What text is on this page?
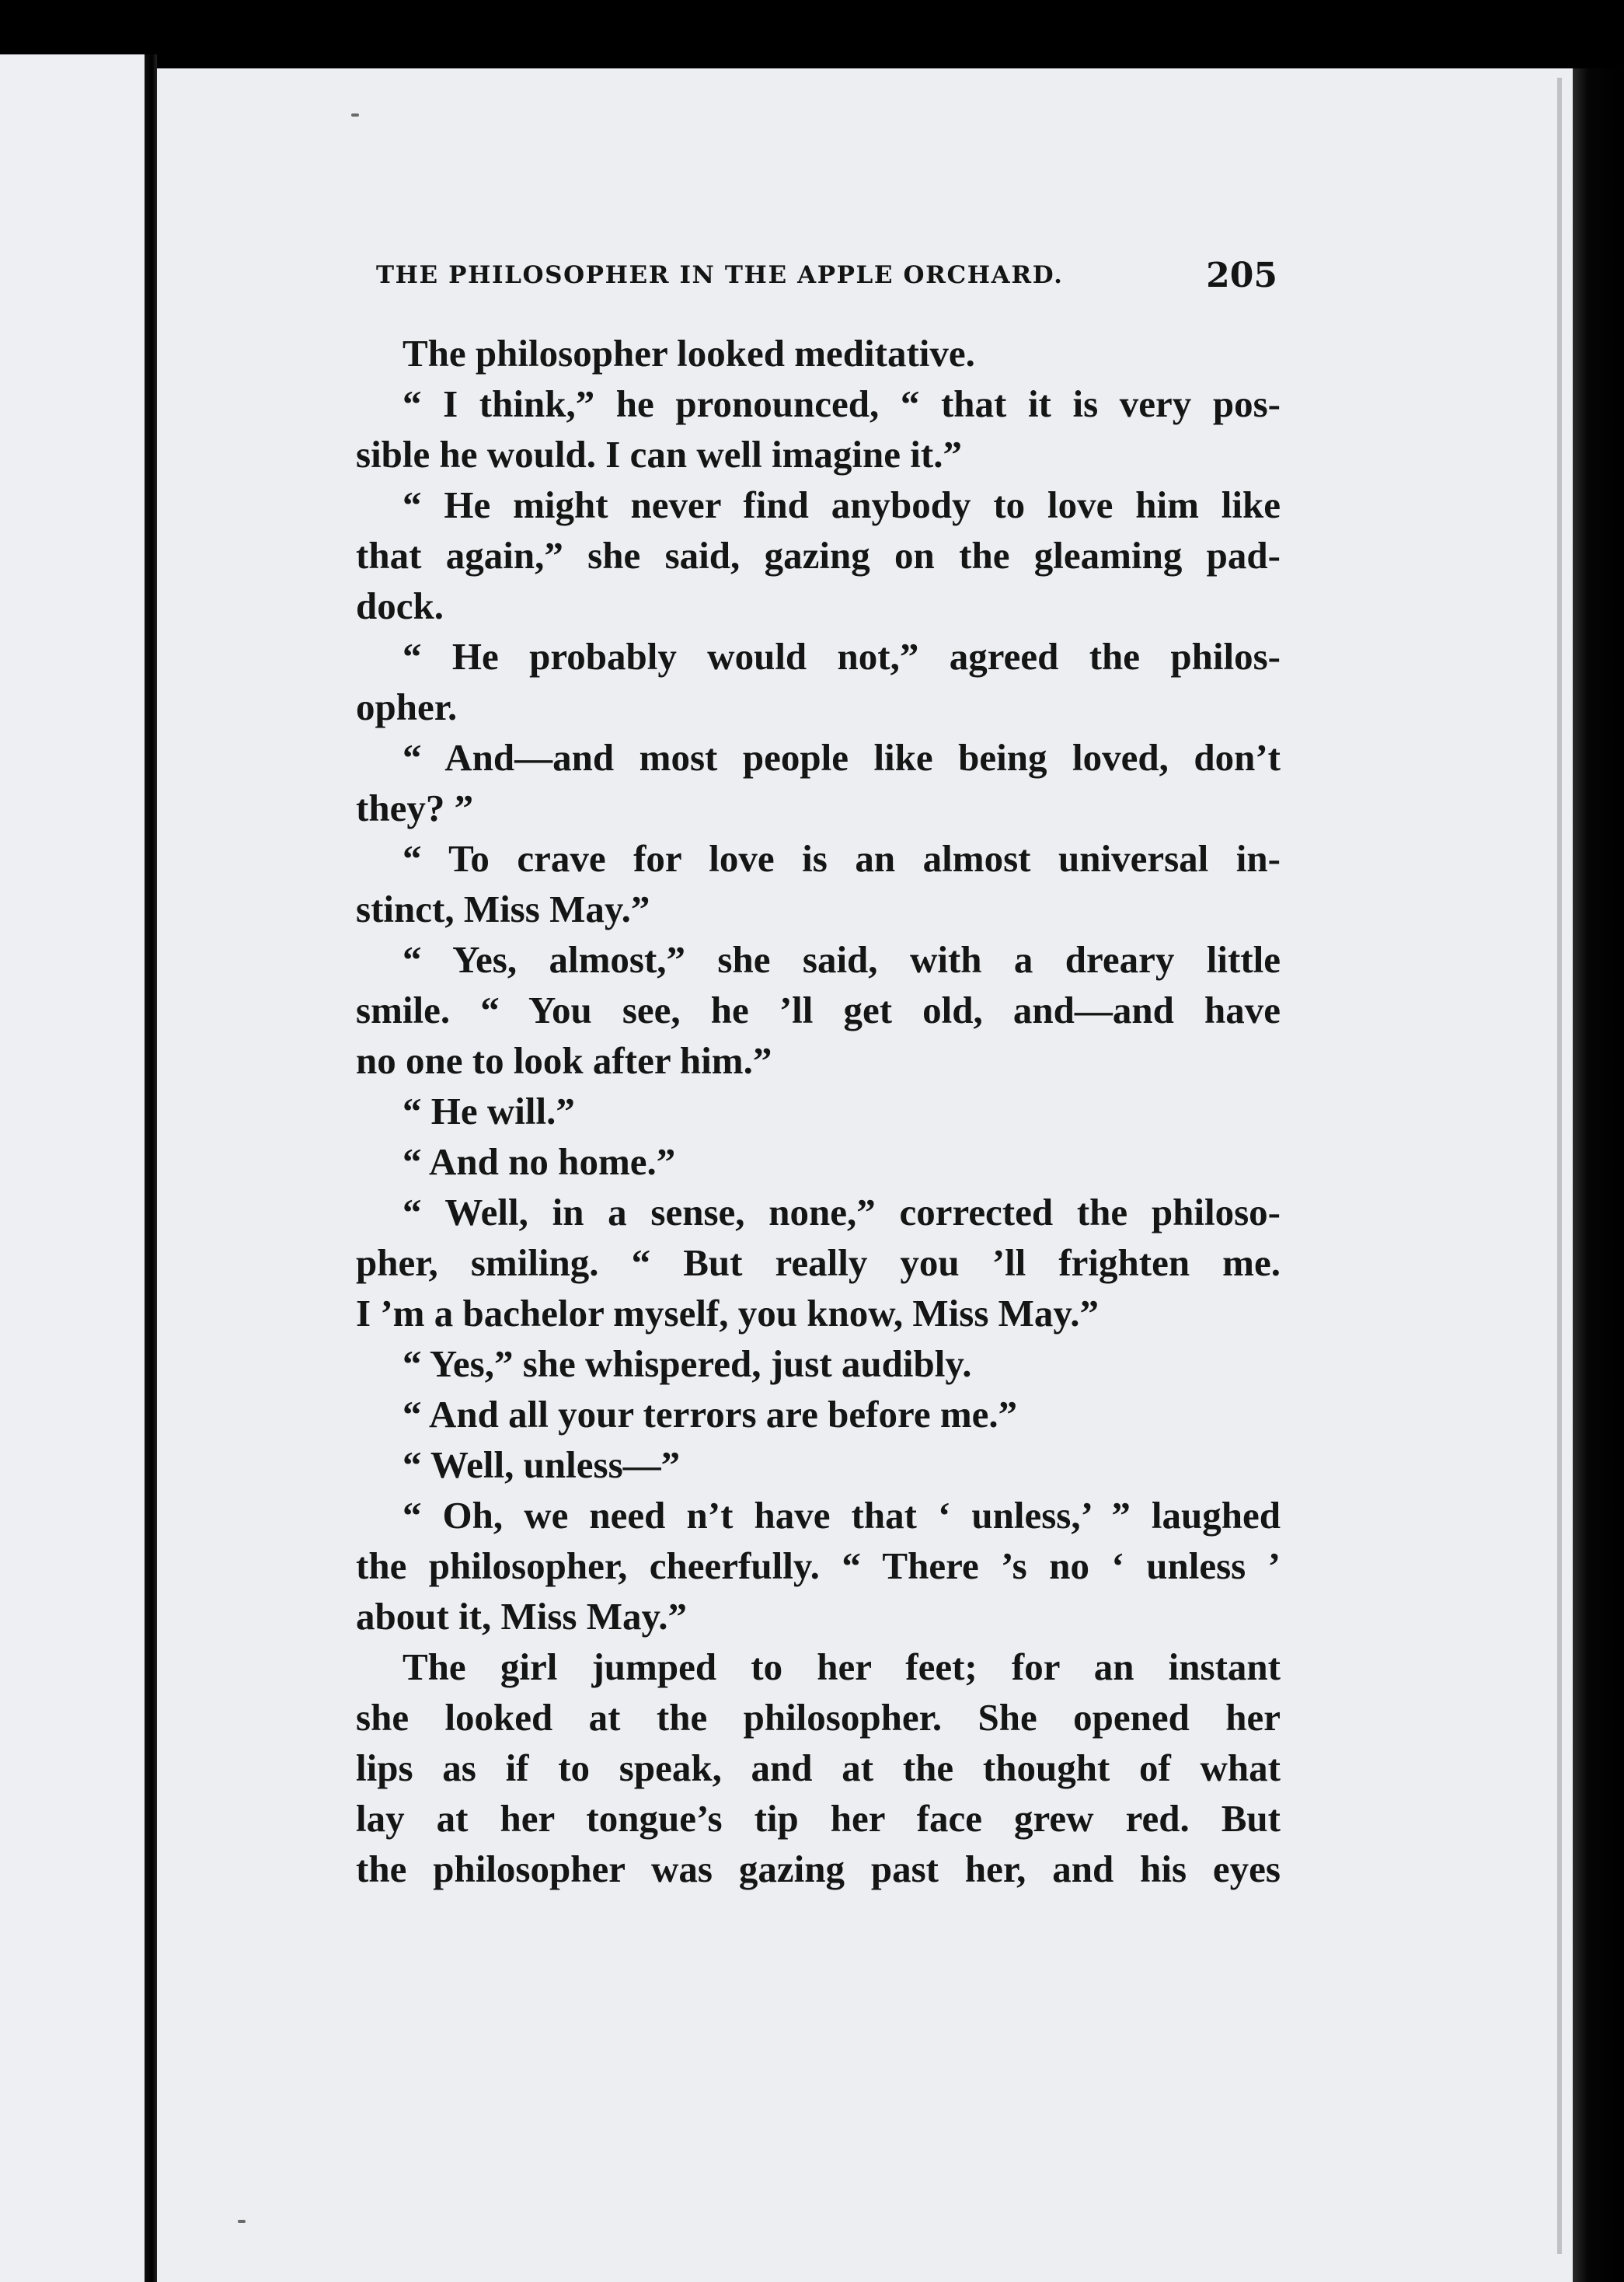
THE PHILOSOPHER IN THE APPLE ORCHARD.	205
The philosopher looked meditative.
“ I think,” he pronounced, “ that it is very pos-
sible he would. I can well imagine it.”
“ He might never find anybody to love him like
that again,” she said, gazing on the gleaming pad-
dock.
“ He probably would not,” agreed the philos-
opher.
“ And—and most people like being loved, don’t
they? ”
“ To crave for love is an almost universal in-
stinct, Miss May.”
“ Yes, almost,” she said, with a dreary little
smile. “ You see, he ’ll get old, and—and have
no one to look after him.”
“ He will.”
“ And no home.”
“ Well, in a sense, none,” corrected the philoso-
pher, smiling. “ But really you ’ll frighten me.
I ’m a bachelor myself, you know, Miss May.”
“ Yes,” she whispered, just audibly.
“ And all your terrors are before me.”
“ Well, unless—”
“ Oh, we need n’t have that ‘ unless,’ ” laughed
the philosopher, cheerfully. “ There ’s no ‘ unless ’
about it, Miss May.”
The girl jumped to her feet; for an instant
she looked at the philosopher. She opened her
lips as if to speak, and at the thought of what
lay at her tongue’s tip her face grew red. But
the philosopher was gazing past her, and his eyes
